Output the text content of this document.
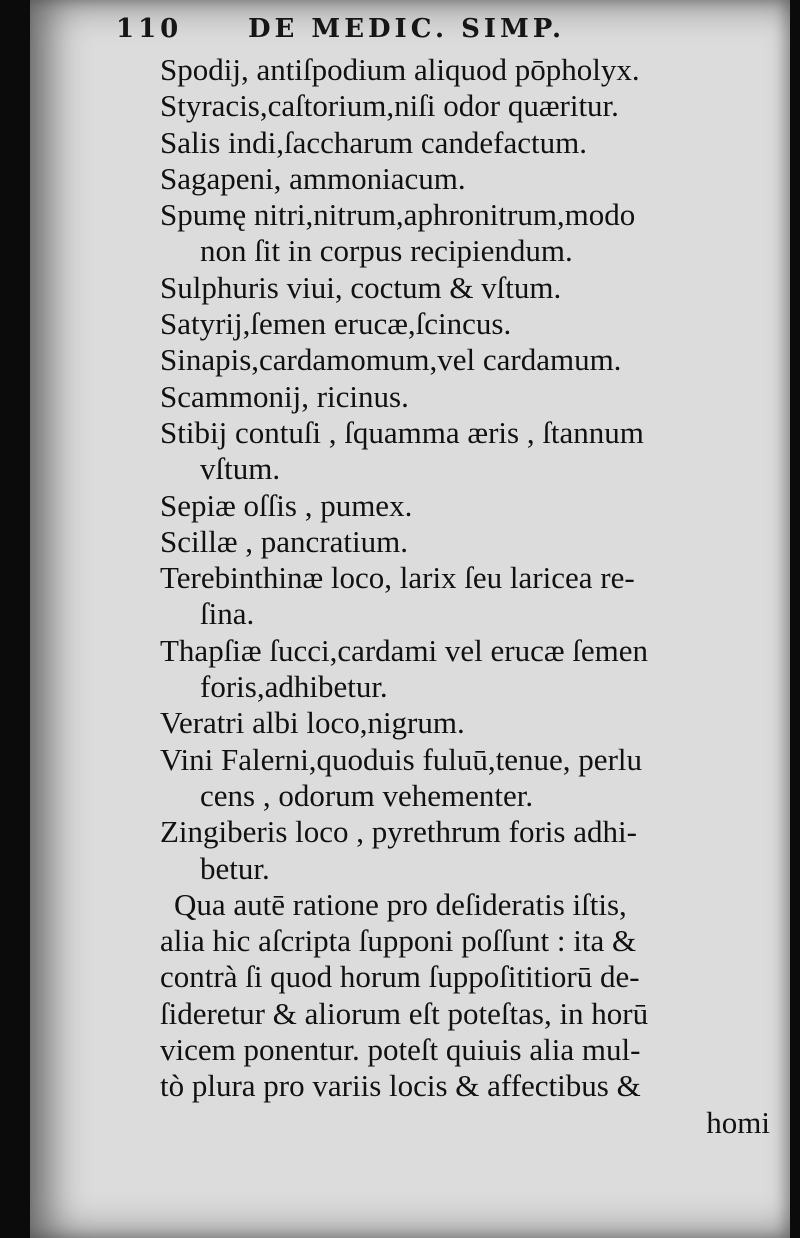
110	DE MEDIC. SIMP.
Spodij, antiſpodium aliquod pōpholyx.
Styracis,caſtorium,niſi odor quæritur.
Salis indi,ſaccharum candefactum.
Sagapeni, ammoniacum.
Spumę nitri,nitrum,aphronitrum,modo
non ſit in corpus recipiendum.
Sulphuris viui, coctum & vſtum.
Satyrij,ſemen erucæ,ſcincus.
Sinapis,cardamomum,vel cardamum.
Scammonij, ricinus.
Stibij contuſi , ſquamma æris , ſtannum
vſtum.
Sepiæ oſſis , pumex.
Scillæ , pancratium.
Terebinthinæ loco, larix ſeu laricea re-
ſina.
Thapſiæ ſucci,cardami vel erucæ ſemen
foris,adhibetur.
Veratri albi loco,nigrum.
Vini Falerni,quoduis fuluū,tenue, perlu
cens , odorum vehementer.
Zingiberis loco , pyrethrum foris adhi-
betur.
Qua autē ratione pro deſideratis iſtis,
alia hic aſcripta ſupponi poſſunt : ita &
contrà ſi quod horum ſuppoſititiorū de-
ſideretur & aliorum eſt poteſtas, in horū
vicem ponentur. poteſt quiuis alia mul-
tò plura pro variis locis & affectibus &
homi
